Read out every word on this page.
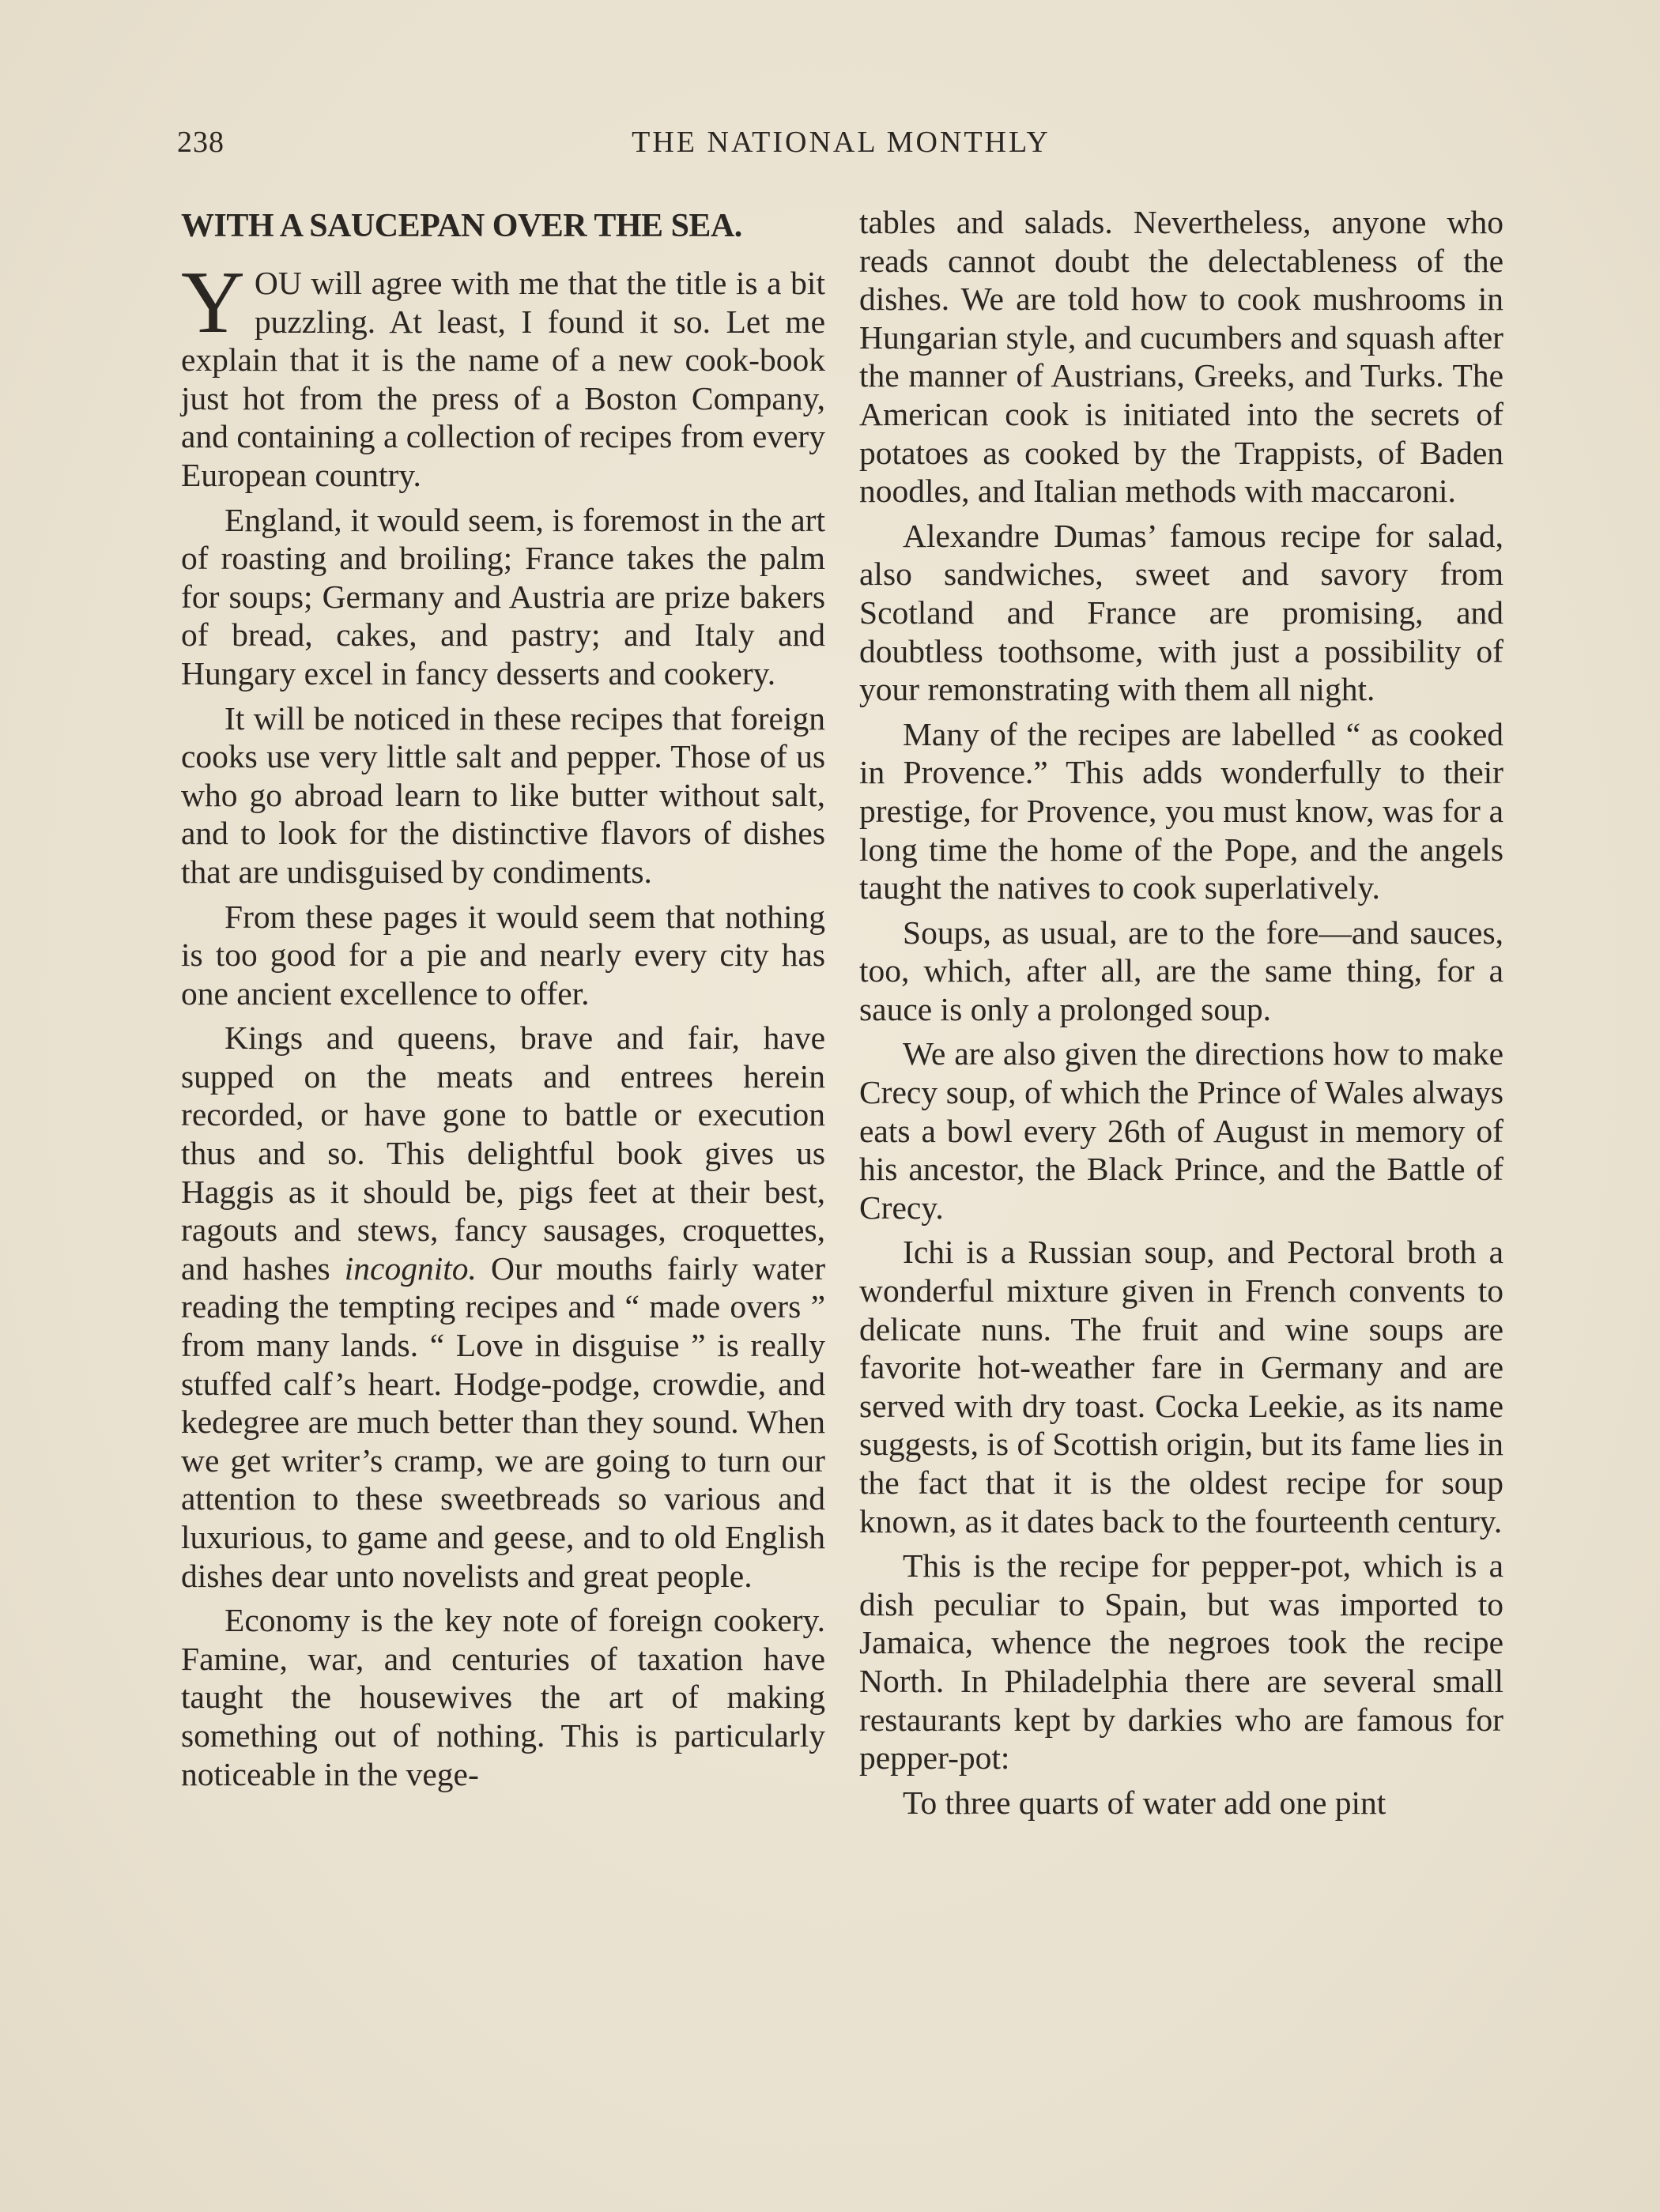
238	THE NATIONAL MONTHLY
WITH A SAUCEPAN OVER THE SEA.

YOU will agree with me that the title is a bit puzzling. At least, I found it so. Let me explain that it is the name of a new cook-book just hot from the press of a Boston Company, and containing a collection of recipes from every European country.

England, it would seem, is foremost in the art of roasting and broiling; France takes the palm for soups; Germany and Austria are prize bakers of bread, cakes, and pastry; and Italy and Hungary excel in fancy desserts and cookery.

It will be noticed in these recipes that foreign cooks use very little salt and pepper. Those of us who go abroad learn to like butter without salt, and to look for the distinctive flavors of dishes that are undisguised by condiments.

From these pages it would seem that nothing is too good for a pie and nearly every city has one ancient excellence to offer.

Kings and queens, brave and fair, have supped on the meats and entrees herein recorded, or have gone to battle or execution thus and so. This delightful book gives us Haggis as it should be, pigs feet at their best, ragouts and stews, fancy sausages, croquettes, and hashes incognito. Our mouths fairly water reading the tempting recipes and “ made overs ” from many lands. “ Love in disguise ” is really stuffed calf’s heart. Hodge-podge, crowdie, and kedegree are much better than they sound. When we get writer’s cramp, we are going to turn our attention to these sweetbreads so various and luxurious, to game and geese, and to old English dishes dear unto novelists and great people.

Economy is the key note of foreign cookery. Famine, war, and centuries of taxation have taught the housewives the art of making something out of nothing. This is particularly noticeable in the vege-

tables and salads. Nevertheless, anyone who reads cannot doubt the delectableness of the dishes. We are told how to cook mushrooms in Hungarian style, and cucumbers and squash after the manner of Austrians, Greeks, and Turks. The American cook is initiated into the secrets of potatoes as cooked by the Trappists, of Baden noodles, and Italian methods with maccaroni.

Alexandre Dumas’ famous recipe for salad, also sandwiches, sweet and savory from Scotland and France are promising, and doubtless toothsome, with just a possibility of your remonstrating with them all night.

Many of the recipes are labelled “ as cooked in Provence.” This adds wonderfully to their prestige, for Provence, you must know, was for a long time the home of the Pope, and the angels taught the natives to cook superlatively.

Soups, as usual, are to the fore—and sauces, too, which, after all, are the same thing, for a sauce is only a prolonged soup.

We are also given the directions how to make Crecy soup, of which the Prince of Wales always eats a bowl every 26th of August in memory of his ancestor, the Black Prince, and the Battle of Crecy.

Ichi is a Russian soup, and Pectoral broth a wonderful mixture given in French convents to delicate nuns. The fruit and wine soups are favorite hot-weather fare in Germany and are served with dry toast. Cocka Leekie, as its name suggests, is of Scottish origin, but its fame lies in the fact that it is the oldest recipe for soup known, as it dates back to the fourteenth century.

This is the recipe for pepper-pot, which is a dish peculiar to Spain, but was imported to Jamaica, whence the negroes took the recipe North. In Philadelphia there are several small restaurants kept by darkies who are famous for pepper-pot:

To three quarts of water add one pint
